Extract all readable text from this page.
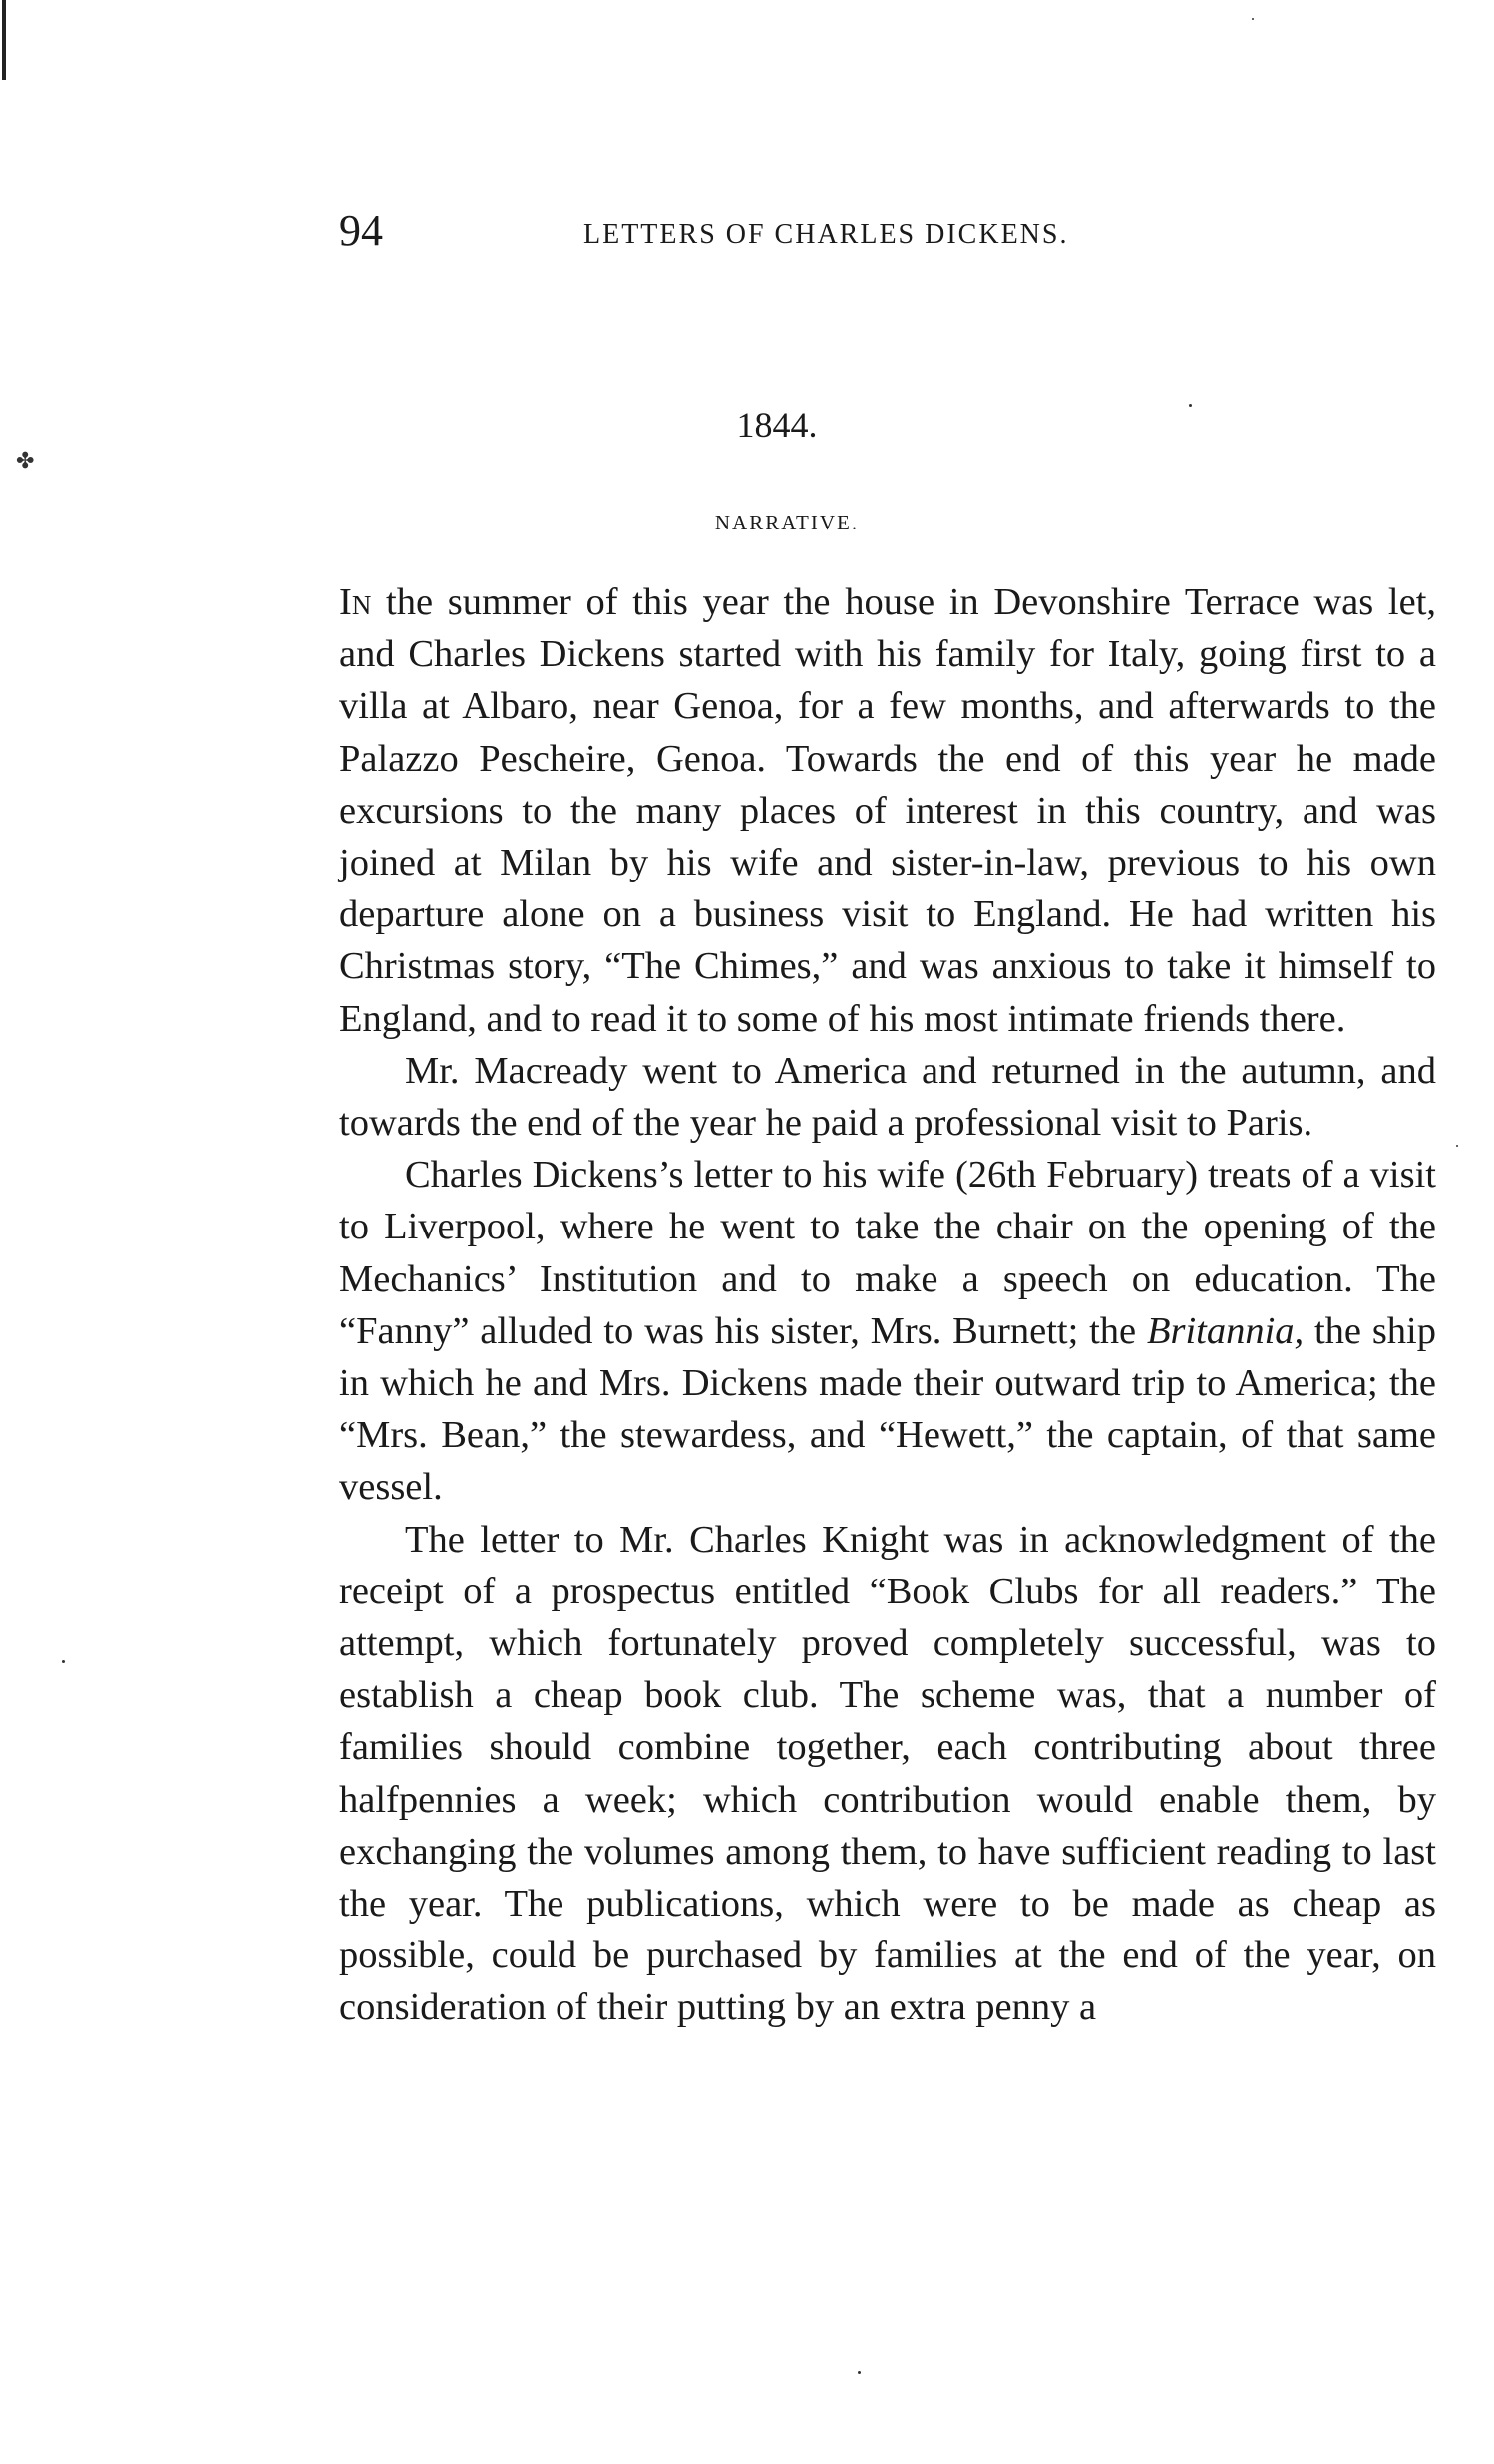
✤
94	LETTERS OF CHARLES DICKENS.
1844.
NARRATIVE.

In the summer of this year the house in Devonshire Terrace was let, and Charles Dickens started with his family for Italy, going first to a villa at Albaro, near Genoa, for a few months, and afterwards to the Palazzo Pescheire, Genoa. Towards the end of this year he made excursions to the many places of interest in this country, and was joined at Milan by his wife and sister-in-law, previous to his own departure alone on a business visit to England. He had written his Christmas story, “The Chimes,” and was anxious to take it himself to England, and to read it to some of his most intimate friends there.

Mr. Macready went to America and returned in the autumn, and towards the end of the year he paid a professional visit to Paris.

Charles Dickens’s letter to his wife (26th February) treats of a visit to Liverpool, where he went to take the chair on the opening of the Mechanics’ Institution and to make a speech on education. The “Fanny” alluded to was his sister, Mrs. Burnett; the Britannia, the ship in which he and Mrs. Dickens made their outward trip to America; the “Mrs. Bean,” the stewardess, and “Hewett,” the captain, of that same vessel.

The letter to Mr. Charles Knight was in acknowledgment of the receipt of a prospectus entitled “Book Clubs for all readers.” The attempt, which fortunately proved completely successful, was to establish a cheap book club. The scheme was, that a number of families should combine together, each contributing about three halfpennies a week; which contribution would enable them, by exchanging the volumes among them, to have sufficient reading to last the year. The publications, which were to be made as cheap as possible, could be purchased by families at the end of the year, on consideration of their putting by an extra penny a
